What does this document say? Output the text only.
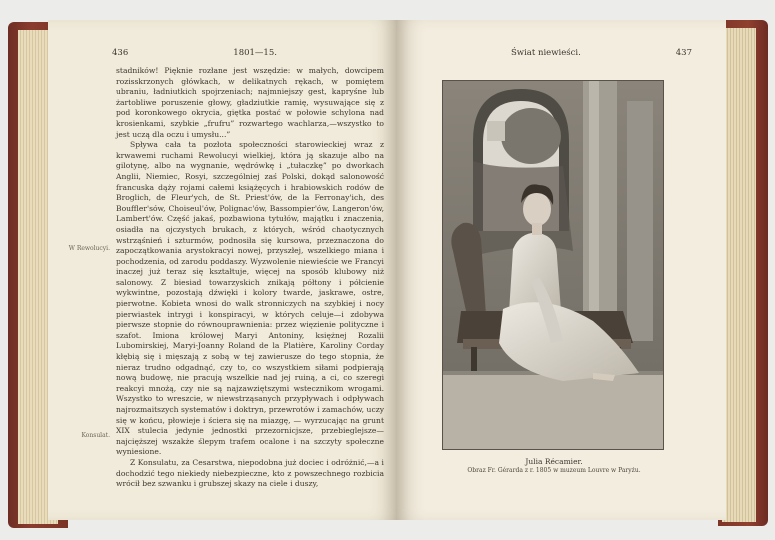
436	1801—15.
W Rewolucyi.
Konsulat.

stadników! Pięknie rozłane jest wszędzie: w małych, dowcipem rozisskrzonych główkach, w delikatnych rękach, w pomiętem ubraniu, ładniutkich spojrzeniach; najmniejszy gest, kapryśne lub żartobliwe poruszenie głowy, gładziutkie ramię, wysuwające się z pod koronkowego okrycia, giętka postać w połowie schylona nad krosienkami, szybkie „frufru” rozwartego wachlarza,—wszystko to jest uczą dla oczu i umysłu...”

Spływa cała ta pozłota społeczności starowieckiej wraz z krwawemi ruchami Rewolucyi wielkiej, która ją skazuje albo na gilotynę, albo na wygnanie, wędrówkę i „tułaczkę” po dworkach Anglii, Niemiec, Rosyi, szczególniej zaś Polski, dokąd salonowość francuska dąży rojami całemi książęcych i hrabiowskich rodów de Broglich, de Fleur'ych, de St. Priest'ów, de la Ferronay'ich, des Bouffler'sów, Choiseul'ów, Polignac'ów, Bassompier'ów, Langeron'ów, Lambert'ów. Część jakaś, pozbawiona tytułów, majątku i znaczenia, osiadła na ojczystych brukach, z których, wśród chaotycznych wstrząśnień i szturmów, podnosiła się kursowa, przeznaczona do zapoczątkowania arystokracyi nowej, przyszłej, wszelkiego miana i pochodzenia, od zarodu poddaszy. Wyzwolenie niewieście we Francyi inaczej już teraz się kształtuje, więcej na sposób klubowy niż salonowy. Z biesiad towarzyskich znikają półtony i półcienie wykwintne, pozostają dźwięki i kolory twarde, jaskrawe, ostre, pierwotne. Kobieta wnosi do walk stronniczych na szybkiej i nocy pierwiastek intrygi i konspiracyi, w których celuje—i zdobywa pierwsze stopnie do równouprawnienia: przez więzienie polityczne i szafot. Imiona królowej Maryi Antoniny, księżnej Rozalii Lubomirskiej, Maryi-Joanny Roland de la Platière, Karoliny Corday kłębią się i mięszają z sobą w tej zawierusze do tego stopnia, że nieraz trudno odgadnąć, czy to, co wszystkiem siłami podpierają nową budowę, nie pracują wszelkie nad jej ruiną, a ci, co szeregi reakcyi mnożą, czy nie są najzawziętszymi wstecznikom wrogami. Wszystko to wreszcie, w niewstrząsanych przypływach i odpływach najrozmaitszych systematów i doktryn, przewrotów i zamachów, uczy się w końcu, płowieje i ściera się na miazgę, — wyrzucając na grunt XIX stulecia jedynie jednostki przezornicjsze, przebieglejsze—najcięższej wszakże ślepym trafem ocalone i na szczyty społeczne wyniesione.

Z Konsulatu, za Cesarstwa, niepodobna już dociec i odróżnić,—a i dochodzić tego niekiedy niebezpieczne, kto z powszechnego rozbicia wrócił bez szwanku i grubszej skazy na ciele i duszy,

Świat niewieści.	437
Julia Récamier.
Obraz Fr. Gérarda z r. 1805 w muzeum Louvre w Paryżu.
